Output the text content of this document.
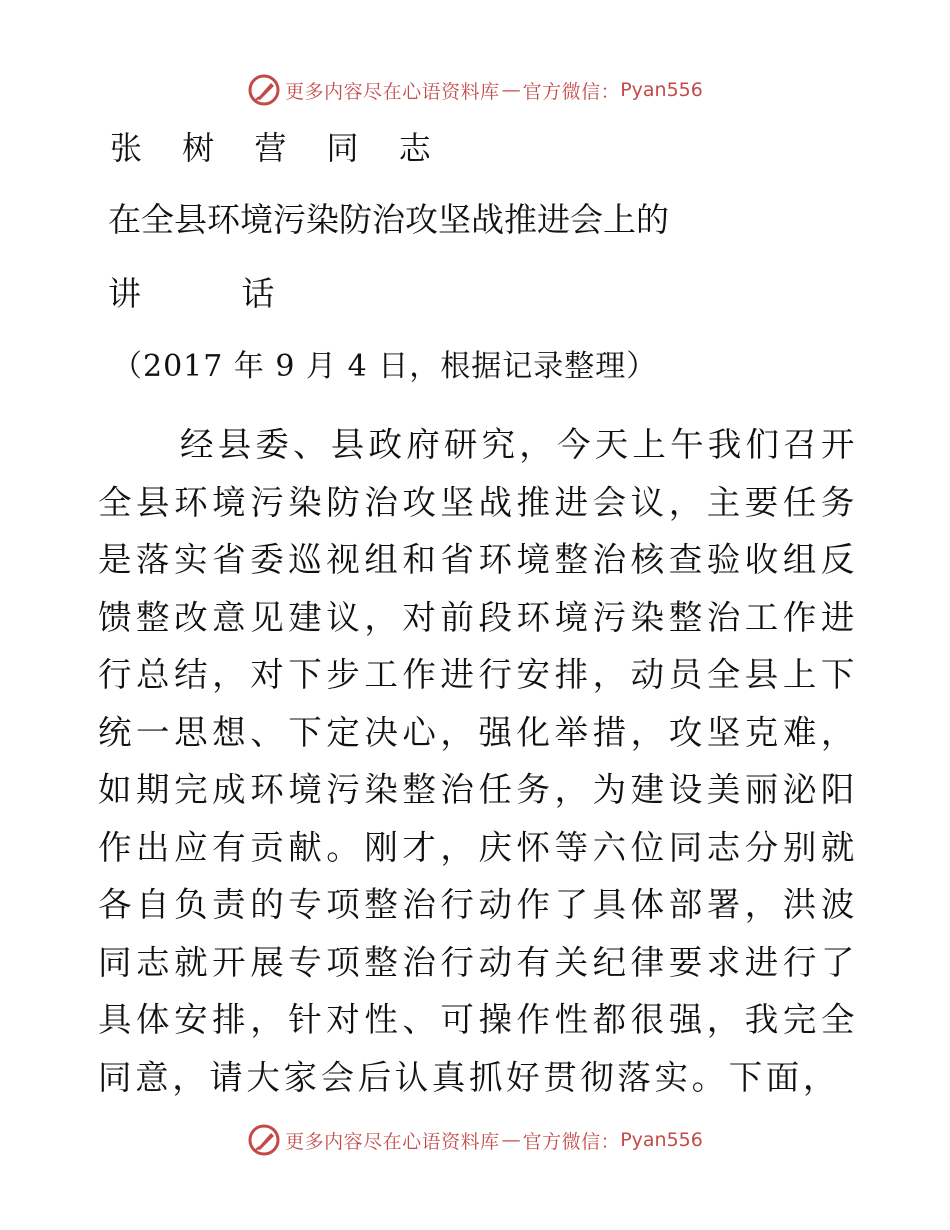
更多内容尽在心语资料库 — 官方微信： Pyan556
张 树 营 同 志
在全县环境污染防治攻坚战推进会上的
讲 话
（2017 年 9 月 4 日，根据记录整理）

经县委、县政府研究，今天上午我们召开全县环境污染防治攻坚战推进会议，主要任务是落实省委巡视组和省环境整治核查验收组反馈整改意见建议，对前段环境污染整治工作进行总结，对下步工作进行安排，动员全县上下统一思想、下定决心，强化举措，攻坚克难，如期完成环境污染整治任务，为建设美丽泌阳作出应有贡献。刚才，庆怀等六位同志分别就各自负责的专项整治行动作了具体部署，洪波同志就开展专项整治行动有关纪律要求进行了具体安排，针对性、可操作性都很强，我完全同意，请大家会后认真抓好贯彻落实。下面，

更多内容尽在心语资料库 — 官方微信： Pyan556
